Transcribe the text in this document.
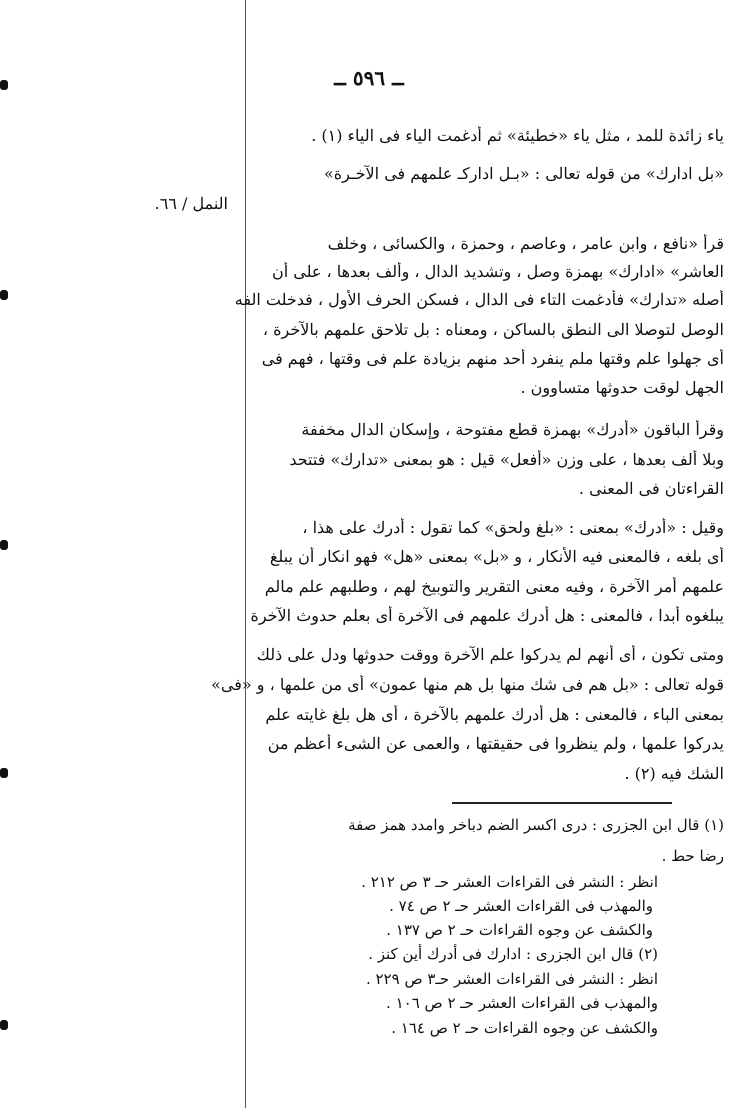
ــ ٥٩٦ ــ
ياء زائدة للمد ، مثل ياء «خطيئة» ثم أدغمت الياء فى الياء (١) .
«بل ادارك» من قوله تعالى : «بـل اداركـ علمهم فى الآخـرة»
النمل / ٦٦.
قرأ «نافع ، وابن عامر ، وعاصم ، وحمزة ، والكسائى ، وخلف
العاشر» «ادارك» بهمزة وصل ، وتشديد الدال ، وألف بعدها ، على أن
أصله «تدارك» فأدغمت التاء فى الدال ، فسكن الحرف الأول ، فدخلت الفه
الوصل لتوصلا الى النطق بالساكن ، ومعناه : بل تلاحق علمهم بالآخرة ،
أى جهلوا علم وقتها ملم ينفرد أحد منهم بزيادة علم فى وقتها ، فهم فى
الجهل لوقت حدوثها متساوون .
وقرأ الباقون «أدرك» بهمزة قطع مفتوحة ، وإسكان الدال مخففة
وبلا ألف بعدها ، على وزن «أفعل» قيل : هو بمعنى «تدارك» فتتحد
القراءتان فى المعنى .
وقيل : «أدرك» بمعنى : «بلغ ولحق» كما تقول : أدرك على هذا ،
أى بلغه ، فالمعنى فيه الأنكار ، و «بل» بمعنى «هل» فهو انكار أن يبلغ
علمهم أمر الآخرة ، وفيه معنى التقرير والتوبيخ لهم ، وطلبهم علم مالم
يبلغوه أبدا ، فالمعنى : هل أدرك علمهم فى الآخرة أى بعلم حدوث الآخرة
ومتى تكون ، أى أنهم لم يدركوا علم الآخرة ووقت حدوثها ودل على ذلك
قوله تعالى : «بل هم فى شك منها بل هم منها عمون» أى من علمها ، و «فى»
بمعنى الباء ، فالمعنى : هل أدرك علمهم بالآخرة ، أى هل بلغ غايته علم
يدركوا علمها ، ولم ينظروا فى حقيقتها ، والعمى عن الشىء أعظم من
الشك فيه (٢) .
(١) قال ابن الجزرى : درى اكسر الضم دباخر وامدد همز صفة
رضا حط .
انظر : النشر فى القراءات العشر حـ ٣ ص ٢١٢ .
والمهذب فى القراءات العشر حـ ٢ ص ٧٤ .
والكشف عن وجوه القراءات حـ ٢ ص ١٣٧ .
(٢) قال ابن الجزرى : ادارك فى أدرك أين كنز .
انظر : النشر فى القراءات العشر حـ٣ ص ٢٢٩ .
والمهذب فى القراءات العشر حـ ٢ ص ١٠٦ .
والكشف عن وجوه القراءات حـ ٢ ص ١٦٤ .
